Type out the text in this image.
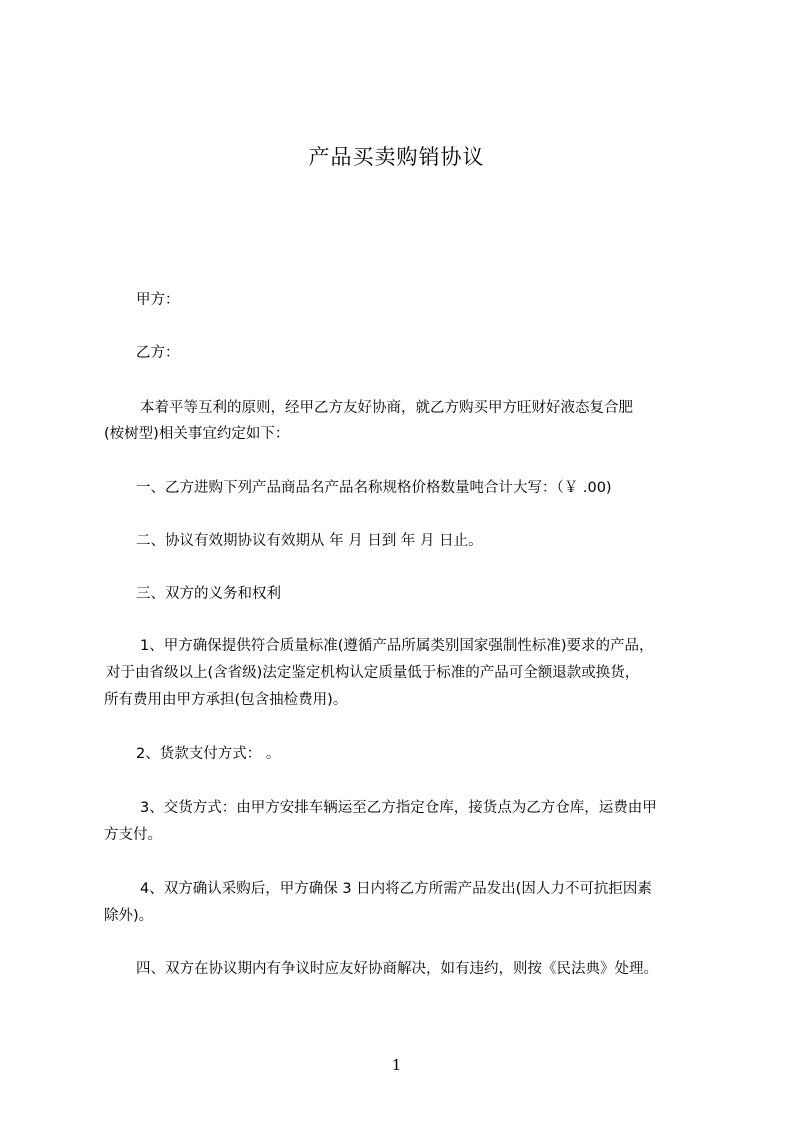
产品买卖购销协议

甲方：

乙方：

本着平等互利的原则，经甲乙方友好协商，就乙方购买甲方旺财好液态复合肥

(桉树型)相关事宜约定如下：

一、乙方进购下列产品商品名产品名称规格价格数量吨合计大写：（￥ .00)

二、协议有效期协议有效期从 年 月 日到 年 月 日止。

三、双方的义务和权利

1、甲方确保提供符合质量标准(遵循产品所属类别国家强制性标准)要求的产品，

对于由省级以上(含省级)法定鉴定机构认定质量低于标准的产品可全额退款或换货，

所有费用由甲方承担(包含抽检费用)。

2、货款支付方式： 。

3、交货方式：由甲方安排车辆运至乙方指定仓库，接货点为乙方仓库，运费由甲

方支付。

4、双方确认采购后，甲方确保 3 日内将乙方所需产品发出(因人力不可抗拒因素

除外)。

四、双方在协议期内有争议时应友好协商解决，如有违约，则按《民法典》处理。

1
